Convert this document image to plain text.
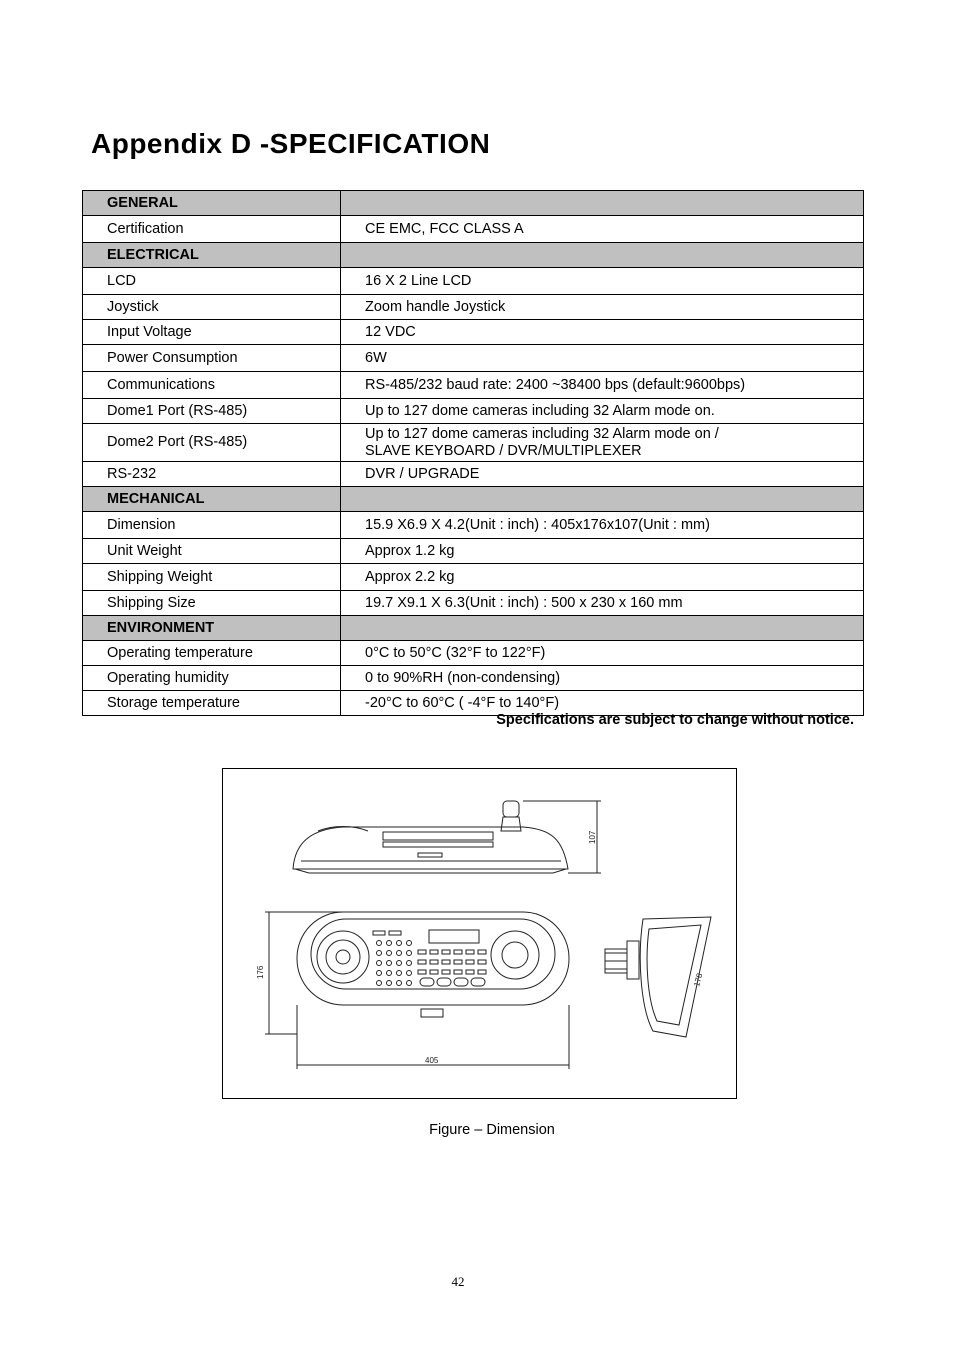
Appendix D -SPECIFICATION
GENERAL	
Certification	CE EMC, FCC CLASS A
ELECTRICAL	
LCD	16 X 2 Line LCD
Joystick	Zoom handle Joystick
Input Voltage	12 VDC
Power Consumption	6W
Communications	RS-485/232 baud rate: 2400 ~38400 bps (default:9600bps)
Dome1 Port (RS-485)	Up to 127 dome cameras including 32 Alarm mode on.
Dome2 Port (RS-485)	Up to 127 dome cameras including 32 Alarm mode on /
SLAVE KEYBOARD / DVR/MULTIPLEXER
RS-232	DVR / UPGRADE
MECHANICAL	
Dimension	15.9 X6.9 X 4.2(Unit : inch) : 405x176x107(Unit : mm)
Unit Weight	Approx 1.2 kg
Shipping Weight	Approx 2.2 kg
Shipping Size	19.7 X9.1 X 6.3(Unit : inch) : 500 x 230 x 160 mm
ENVIRONMENT	
Operating temperature	0°C to 50°C (32°F to 122°F)
Operating humidity	0 to 90%RH (non-condensing)
Storage temperature	-20°C to 60°C ( -4°F to 140°F)
Specifications are subject to change without notice.
107
176
405
178
Figure – Dimension
42
